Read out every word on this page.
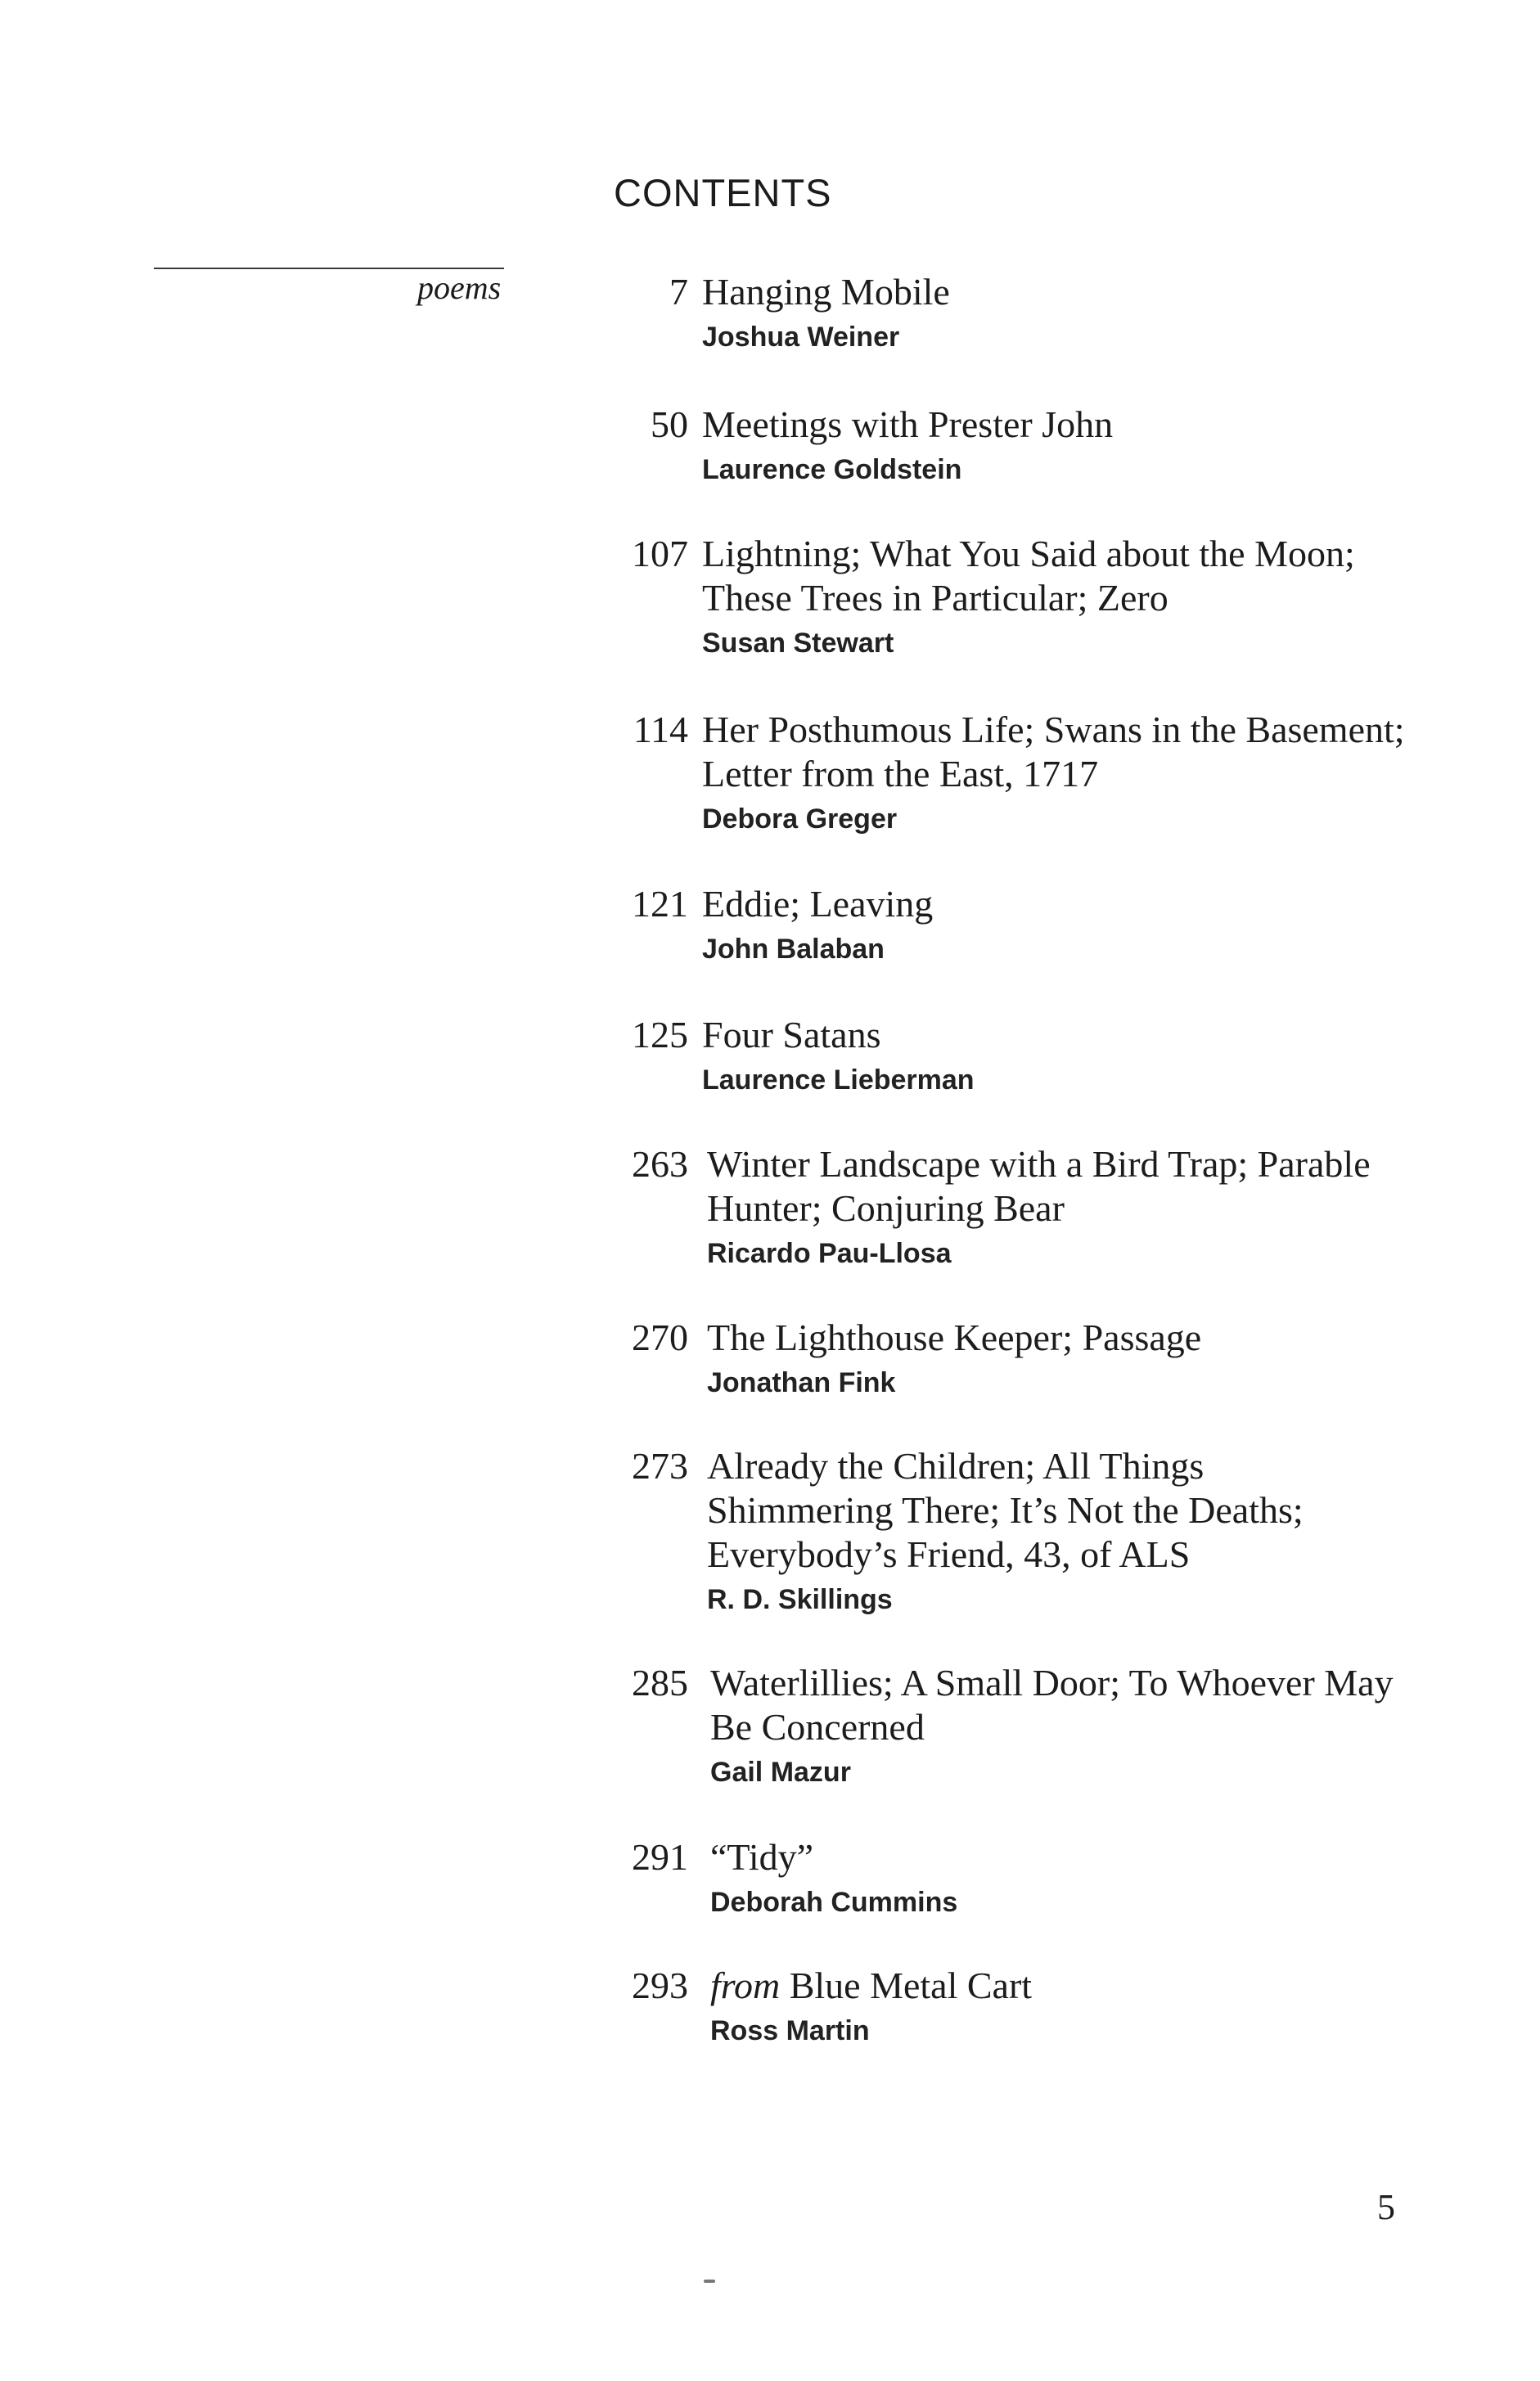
CONTENTS
poems	7 Hanging Mobile
Joshua Weiner
50 Meetings with Prester John
Laurence Goldstein
107 Lightning; What You Said about the Moon;
These Trees in Particular; Zero
Susan Stewart
114 Her Posthumous Life; Swans in the Basement;
Letter from the East, 1717
Debora Greger
121 Eddie; Leaving
John Balaban
125 Four Satans
Laurence Lieberman
263 Winter Landscape with a Bird Trap; Parable
Hunter; Conjuring Bear
Ricardo Pau-Llosa
270 The Lighthouse Keeper; Passage
Jonathan Fink
273 Already the Children; All Things
Shimmering There; It’s Not the Deaths;
Everybody’s Friend, 43, of ALS
R. D. Skillings
285 Waterlillies; A Small Door; To Whoever May
Be Concerned
Gail Mazur
291 “Tidy”
Deborah Cummins
293 from Blue Metal Cart
Ross Martin
5
